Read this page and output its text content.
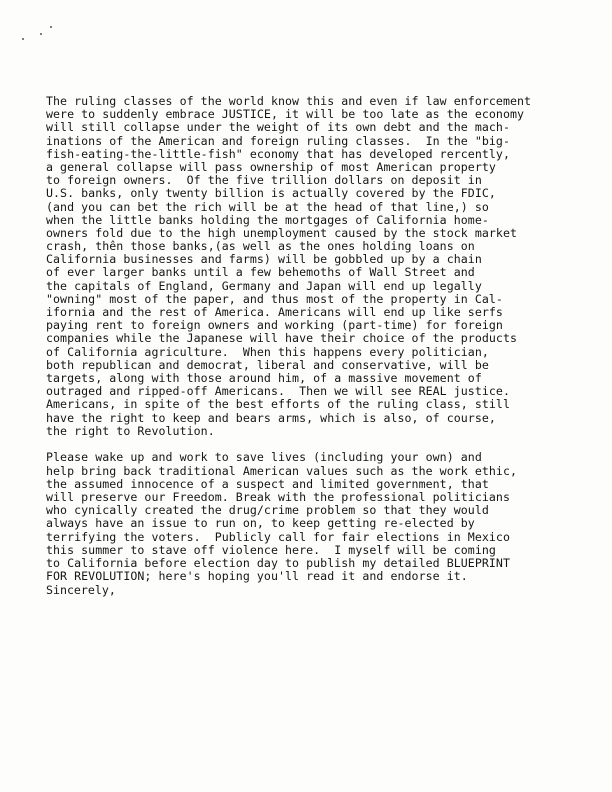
The ruling classes of the world know this and even if law enforcement
were to suddenly embrace JUSTICE, it will be too late as the economy
will still collapse under the weight of its own debt and the mach-
inations of the American and foreign ruling classes.  In the "big-
fish-eating-the-little-fish" economy that has developed rercently,
a general collapse will pass ownership of most American property
to foreign owners.  Of the five trillion dollars on deposit in
U.S. banks, only twenty billion is actually covered by the FDIC,
(and you can bet the rich will be at the head of that line,) so
when the little banks holding the mortgages of California home-
owners fold due to the high unemployment caused by the stock market
crash, thên those banks,(as well as the ones holding loans on
California businesses and farms) will be gobbled up by a chain
of ever larger banks until a few behemoths of Wall Street and
the capitals of England, Germany and Japan will end up legally
"owning" most of the paper, and thus most of the property in Cal-
ifornia and the rest of America. Americans will end up like serfs
paying rent to foreign owners and working (part-time) for foreign
companies while the Japanese will have their choice of the products
of California agriculture.  When this happens every politician,
both republican and democrat, liberal and conservative, will be
targets, along with those around him, of a massive movement of
outraged and ripped-off Americans.  Then we will see REAL justice.
Americans, in spite of the best efforts of the ruling class, still
have the right to keep and bears arms, which is also, of course,
the right to Revolution.
Please wake up and work to save lives (including your own) and
help bring back traditional American values such as the work ethic,
the assumed innocence of a suspect and limited government, that
will preserve our Freedom. Break with the professional politicians
who cynically created the drug/crime problem so that they would
always have an issue to run on, to keep getting re-elected by
terrifying the voters.  Publicly call for fair elections in Mexico
this summer to stave off violence here.  I myself will be coming
to California before election day to publish my detailed BLUEPRINT
FOR REVOLUTION; here's hoping you'll read it and endorse it.
Sincerely,
